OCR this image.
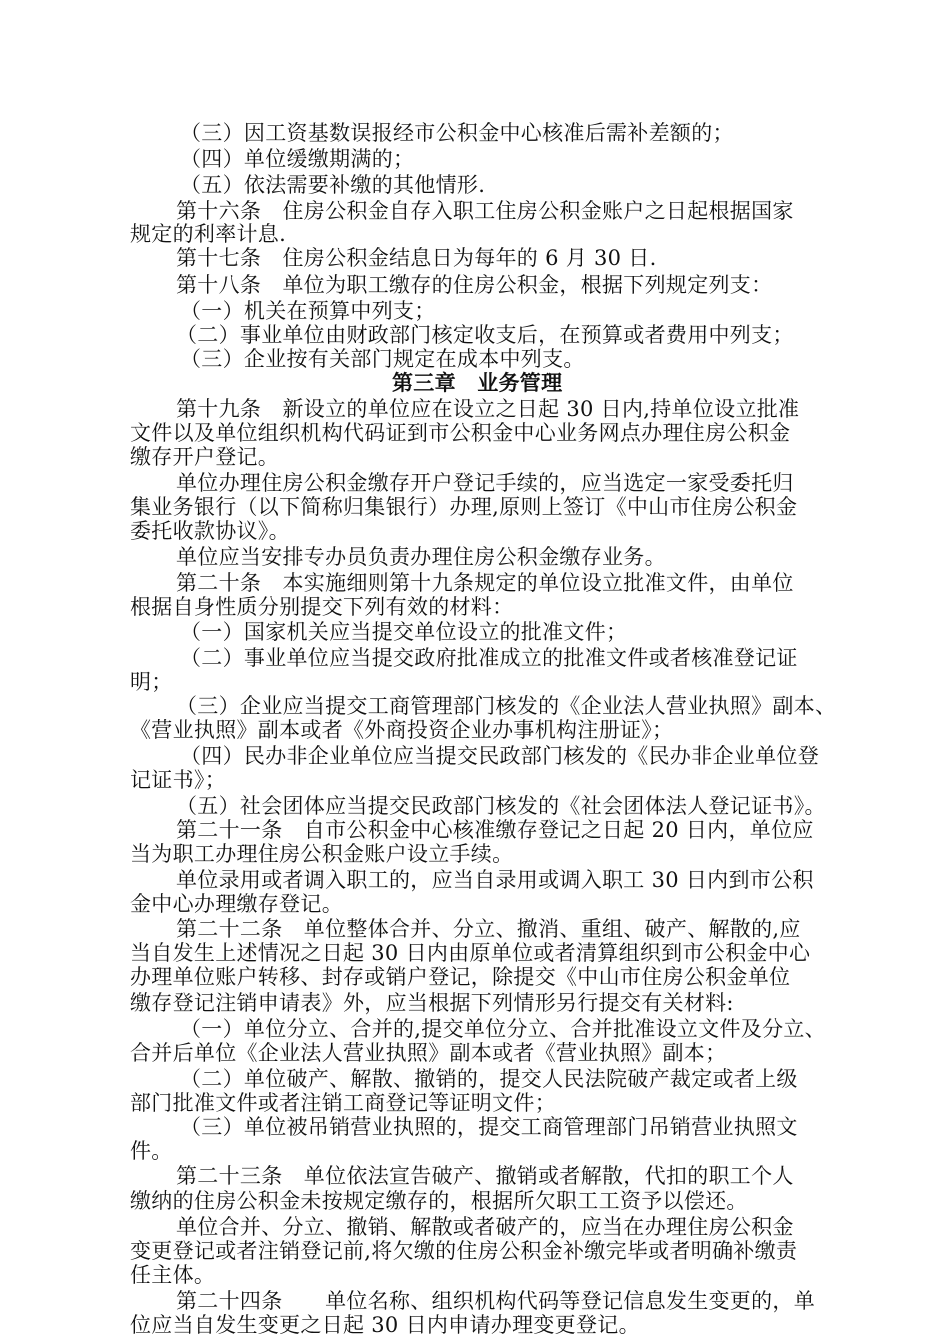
（三）因工资基数误报经市公积金中心核准后需补差额的；
（四）单位缓缴期满的；
（五）依法需要补缴的其他情形.
第十六条　住房公积金自存入职工住房公积金账户之日起根据国家
规定的利率计息.
第十七条　住房公积金结息日为每年的 6 月 30 日.
第十八条　单位为职工缴存的住房公积金，根据下列规定列支：
（一）机关在预算中列支；
（二）事业单位由财政部门核定收支后，在预算或者费用中列支；
（三）企业按有关部门规定在成本中列支。
第三章　业务管理
第十九条　新设立的单位应在设立之日起 30 日内,持单位设立批准
文件以及单位组织机构代码证到市公积金中心业务网点办理住房公积金
缴存开户登记。
单位办理住房公积金缴存开户登记手续的，应当选定一家受委托归
集业务银行（以下简称归集银行）办理,原则上签订《中山市住房公积金
委托收款协议》。
单位应当安排专办员负责办理住房公积金缴存业务。
第二十条　本实施细则第十九条规定的单位设立批准文件，由单位
根据自身性质分别提交下列有效的材料：
（一）国家机关应当提交单位设立的批准文件；
（二）事业单位应当提交政府批准成立的批准文件或者核准登记证
明；
（三）企业应当提交工商管理部门核发的《企业法人营业执照》副本、
《营业执照》副本或者《外商投资企业办事机构注册证》；
（四）民办非企业单位应当提交民政部门核发的《民办非企业单位登
记证书》；
（五）社会团体应当提交民政部门核发的《社会团体法人登记证书》。
第二十一条　自市公积金中心核准缴存登记之日起 20 日内，单位应
当为职工办理住房公积金账户设立手续。
单位录用或者调入职工的，应当自录用或调入职工 30 日内到市公积
金中心办理缴存登记。
第二十二条　单位整体合并、分立、撤消、重组、破产、解散的,应
当自发生上述情况之日起 30 日内由原单位或者清算组织到市公积金中心
办理单位账户转移、封存或销户登记，除提交《中山市住房公积金单位
缴存登记注销申请表》外，应当根据下列情形另行提交有关材料:
（一）单位分立、合并的,提交单位分立、合并批准设立文件及分立、
合并后单位《企业法人营业执照》副本或者《营业执照》副本；
（二）单位破产、解散、撤销的，提交人民法院破产裁定或者上级
部门批准文件或者注销工商登记等证明文件；
（三）单位被吊销营业执照的，提交工商管理部门吊销营业执照文
件。
第二十三条　单位依法宣告破产、撤销或者解散，代扣的职工个人
缴纳的住房公积金未按规定缴存的，根据所欠职工工资予以偿还。
单位合并、分立、撤销、解散或者破产的，应当在办理住房公积金
变更登记或者注销登记前,将欠缴的住房公积金补缴完毕或者明确补缴责
任主体。
第二十四条　　单位名称、组织机构代码等登记信息发生变更的，单
位应当自发生变更之日起 30 日内申请办理变更登记。
